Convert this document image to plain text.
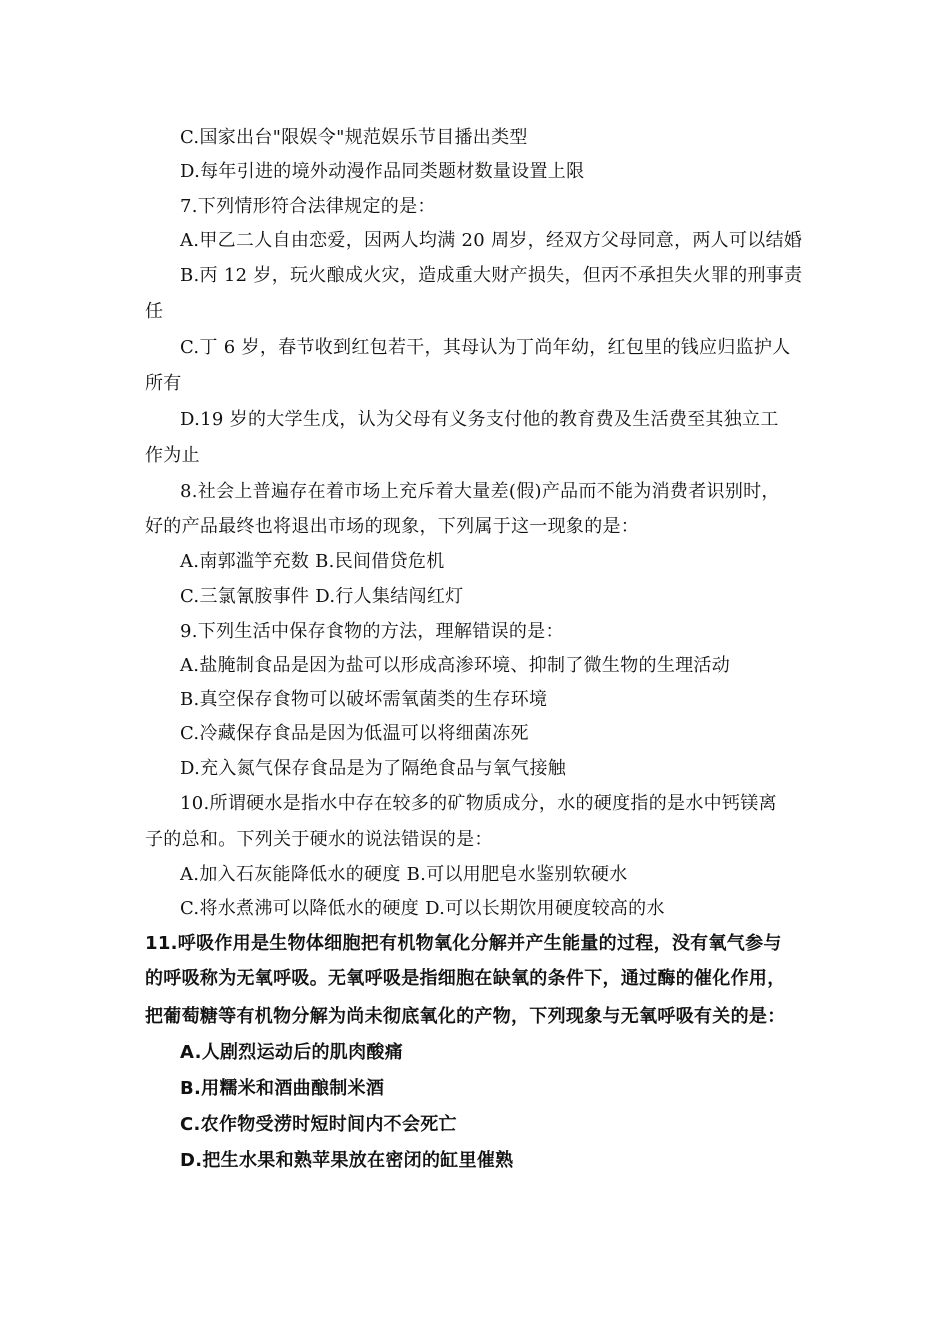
C.国家出台"限娱令"规范娱乐节目播出类型
D.每年引进的境外动漫作品同类题材数量设置上限
7.下列情形符合法律规定的是：
A.甲乙二人自由恋爱，因两人均满 20 周岁，经双方父母同意，两人可以结婚
B.丙 12 岁，玩火酿成火灾，造成重大财产损失，但丙不承担失火罪的刑事责
任
C.丁 6 岁，春节收到红包若干，其母认为丁尚年幼，红包里的钱应归监护人
所有
D.19 岁的大学生戊，认为父母有义务支付他的教育费及生活费至其独立工
作为止
8.社会上普遍存在着市场上充斥着大量差(假)产品而不能为消费者识别时，
好的产品最终也将退出市场的现象，下列属于这一现象的是：
A.南郭滥竽充数 B.民间借贷危机
C.三氯氰胺事件 D.行人集结闯红灯
9.下列生活中保存食物的方法，理解错误的是：
A.盐腌制食品是因为盐可以形成高渗环境、抑制了微生物的生理活动
B.真空保存食物可以破坏需氧菌类的生存环境
C.冷藏保存食品是因为低温可以将细菌冻死
D.充入氮气保存食品是为了隔绝食品与氧气接触
10.所谓硬水是指水中存在较多的矿物质成分，水的硬度指的是水中钙镁离
子的总和。下列关于硬水的说法错误的是：
A.加入石灰能降低水的硬度 B.可以用肥皂水鉴别软硬水
C.将水煮沸可以降低水的硬度 D.可以长期饮用硬度较高的水
11.呼吸作用是生物体细胞把有机物氧化分解并产生能量的过程，没有氧气参与
的呼吸称为无氧呼吸。无氧呼吸是指细胞在缺氧的条件下，通过酶的催化作用，
把葡萄糖等有机物分解为尚未彻底氧化的产物，下列现象与无氧呼吸有关的是：
A.人剧烈运动后的肌肉酸痛
B.用糯米和酒曲酿制米酒
C.农作物受涝时短时间内不会死亡
D.把生水果和熟苹果放在密闭的缸里催熟
